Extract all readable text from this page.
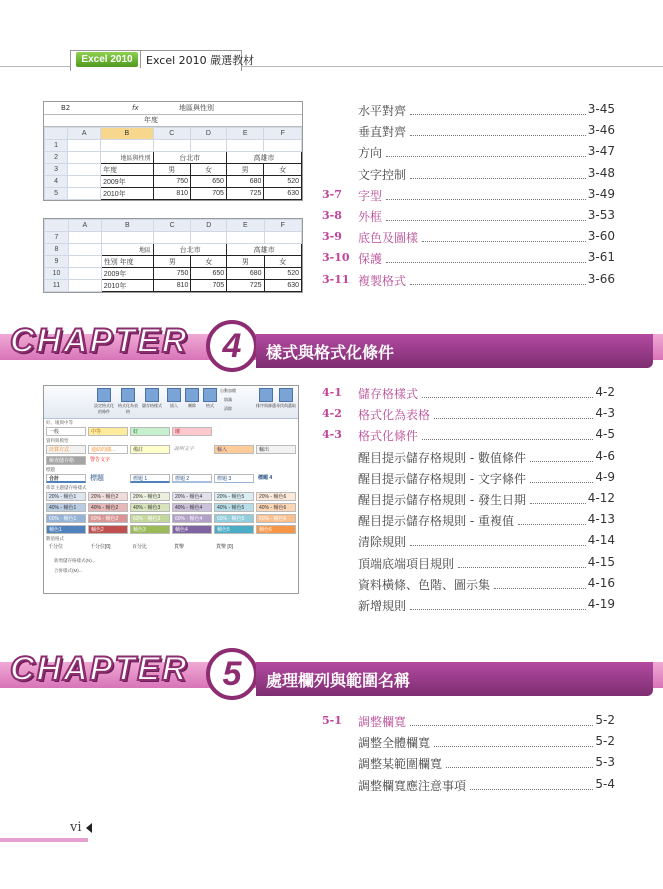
Excel 2010	Excel 2010 嚴選教材
B2	fx	地區與性別
年度
	A	B	C	D	E	F
1						
2		地區與性別	台北市		高雄市	
3		年度	男	女	男	女
4		2009年	750	650	680	520
5		2010年	810	705	725	630
	A	B	C	D	E	F
7						
8		地區	台北市		高雄市	
9		性別 年度	男	女	男	女
10		2009年	750	650	680	520
11		2010年	810	705	725	630
水平對齊	3-45
垂直對齊	3-46
方向	3-47
文字控制	3-48
3-7 字型	3-49
3-8 外框	3-53
3-9 底色及圖樣	3-60
3-10 保護	3-61
3-11 複製格式	3-66
CHAPTER	4	樣式與格式化條件
設定格式化的條件
格式化為表格
儲存格樣式	插入	刪除	格式
自動加總
填滿
清除
排序與篩選 尋找與選取
好、壞與中等
一般	中等	好	壞
資料與模型
計算方式	連結的儲...	備註	說明文字	輸入	輸出
檢查儲存格	警告文字
標題
合計	標題	標題 1	標題 2	標題 3	標題 4
佈景主題儲存格樣式
20% - 輔色1	20% - 輔色2	20% - 輔色3	20% - 輔色4	20% - 輔色5	20% - 輔色6
40% - 輔色1	40% - 輔色2	40% - 輔色3	40% - 輔色4	40% - 輔色5	40% - 輔色6
60% - 輔色1	60% - 輔色2	60% - 輔色3	60% - 輔色4	60% - 輔色5	60% - 輔色6
輔色1	輔色2	輔色3	輔色4	輔色5	輔色6
數值格式
千分位	千分位[0]	百分比	貨幣	貨幣 [0]
新增儲存格樣式(N)...
合併樣式(M)...
4-1 儲存格樣式	4-2
4-2 格式化為表格	4-3
4-3 格式化條件	4-5
醒目提示儲存格規則 - 數值條件	4-6
醒目提示儲存格規則 - 文字條件	4-9
醒目提示儲存格規則 - 發生日期	4-12
醒目提示儲存格規則 - 重複值	4-13
清除規則	4-14
頂端底端項目規則	4-15
資料橫條、色階、圖示集	4-16
新增規則	4-19
CHAPTER	5	處理欄列與範圍名稱
5-1 調整欄寬	5-2
調整全體欄寬	5-2
調整某範圍欄寬	5-3
調整欄寬應注意事項	5-4
vi
